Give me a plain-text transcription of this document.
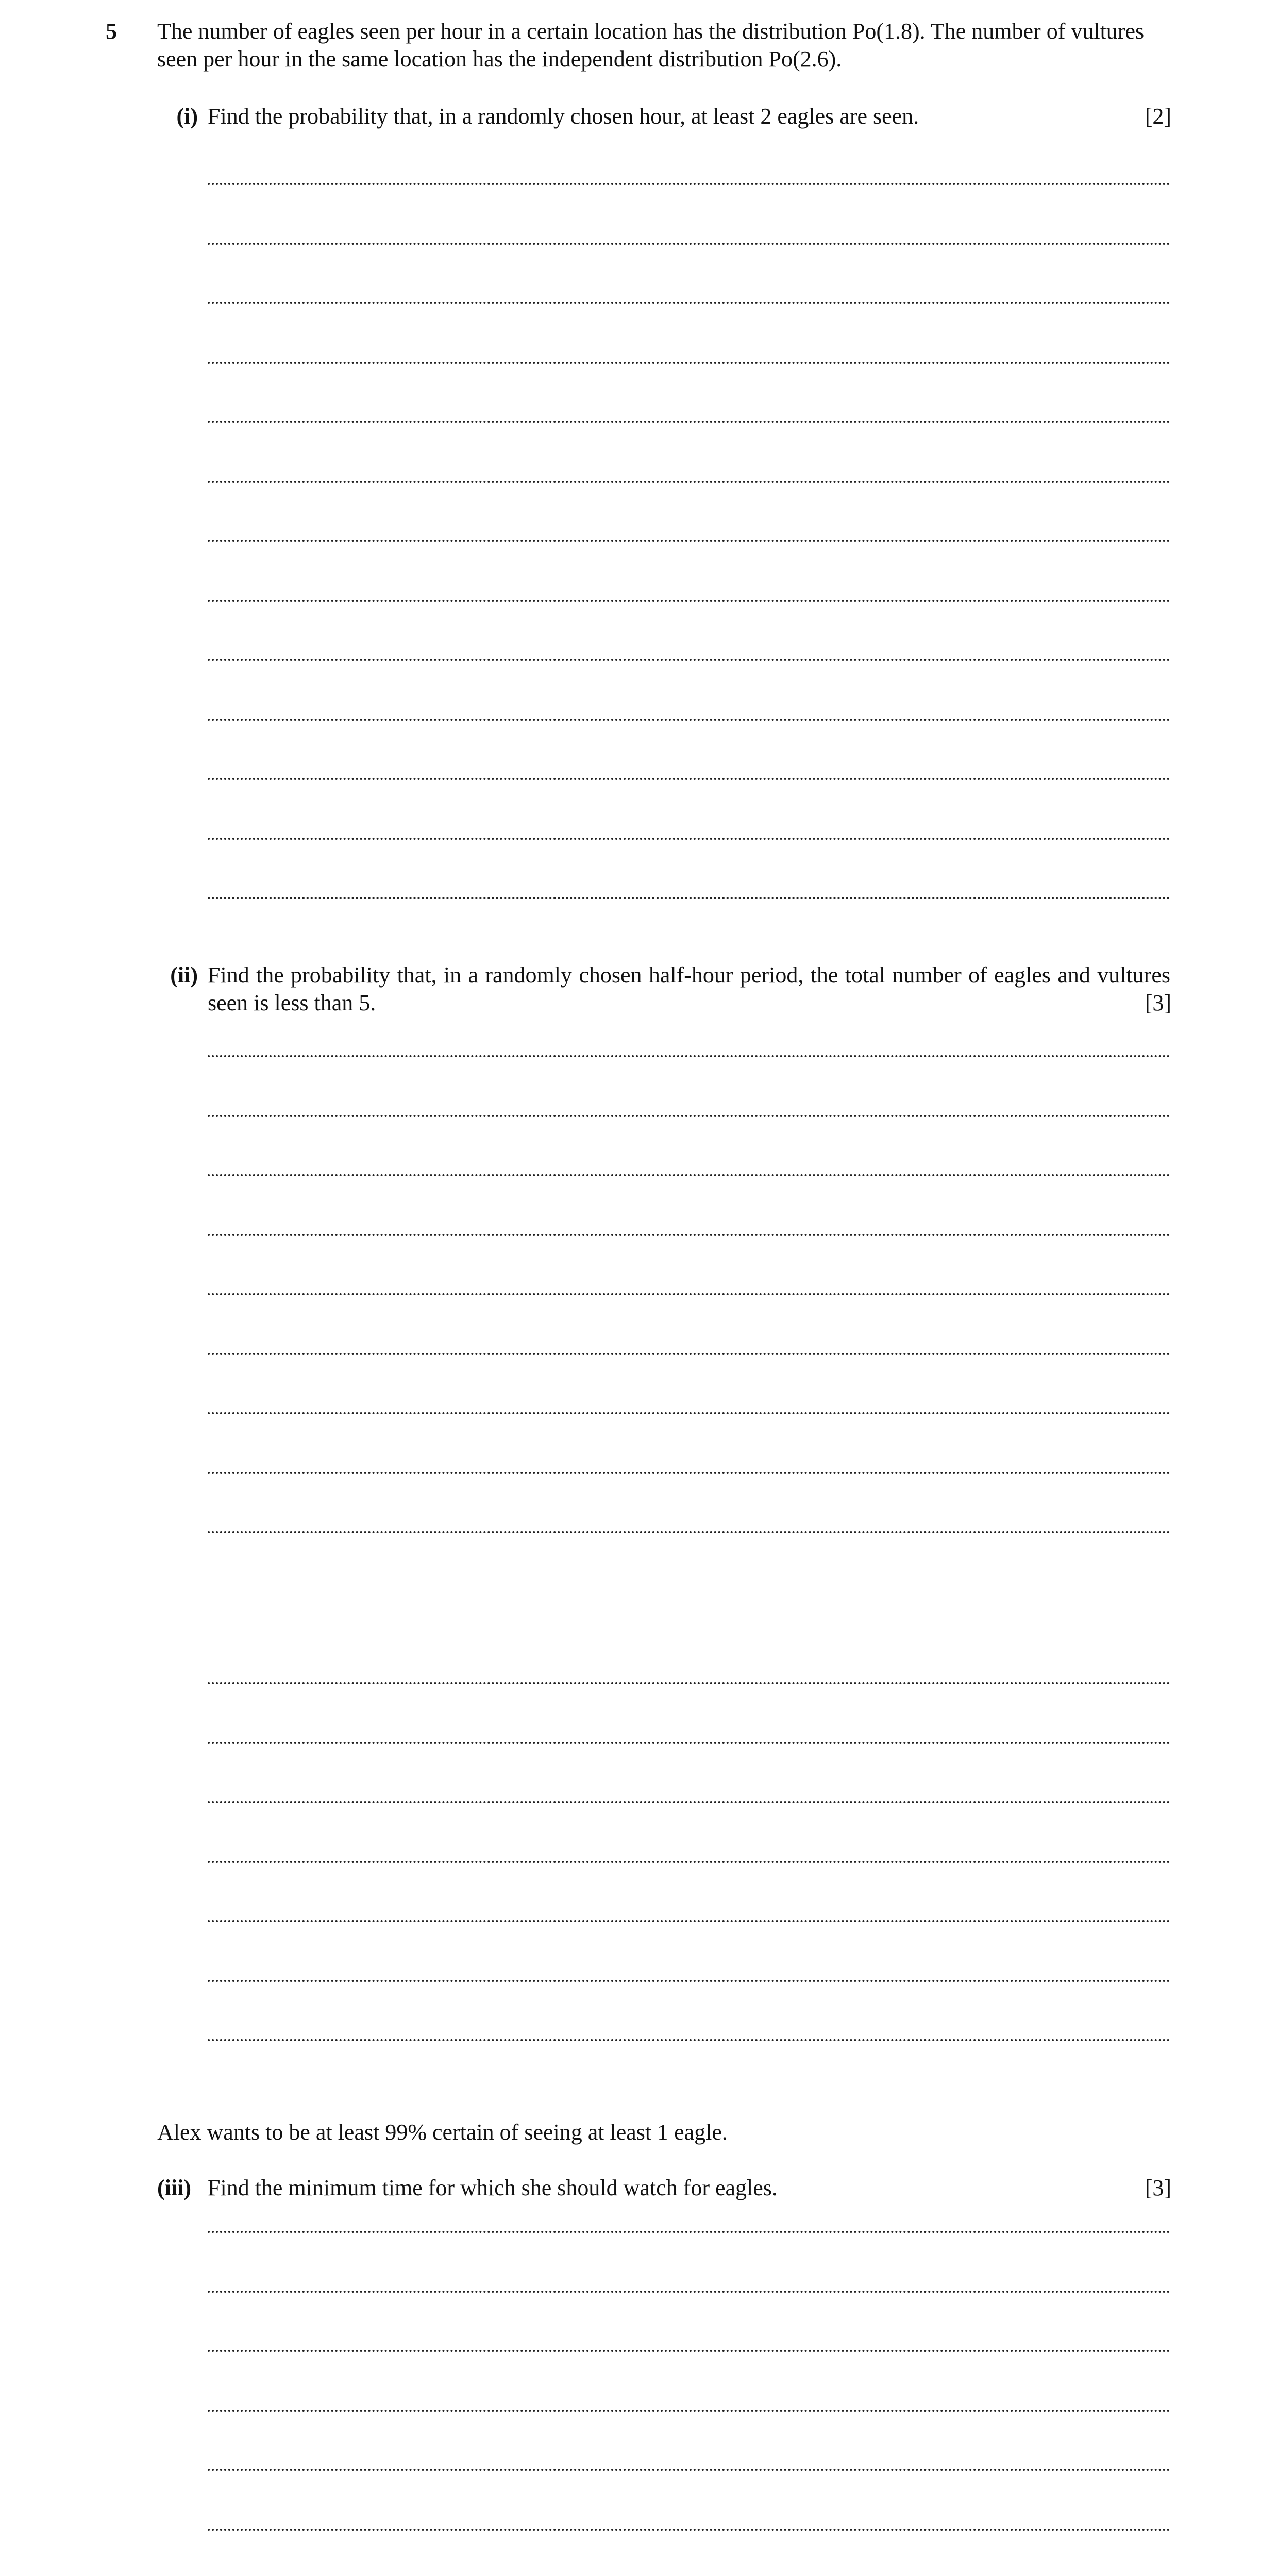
5 The number of eagles seen per hour in a certain location has the distribution Po(1.8). The number of vultures seen per hour in the same location has the independent distribution Po(2.6).
(i) Find the probability that, in a randomly chosen hour, at least 2 eagles are seen.	[2]
(ii) Find the probability that, in a randomly chosen half-hour period, the total number of eagles and vultures seen is less than 5.	[3]
Alex wants to be at least 99% certain of seeing at least 1 eagle.
(iii) Find the minimum time for which she should watch for eagles.	[3]
